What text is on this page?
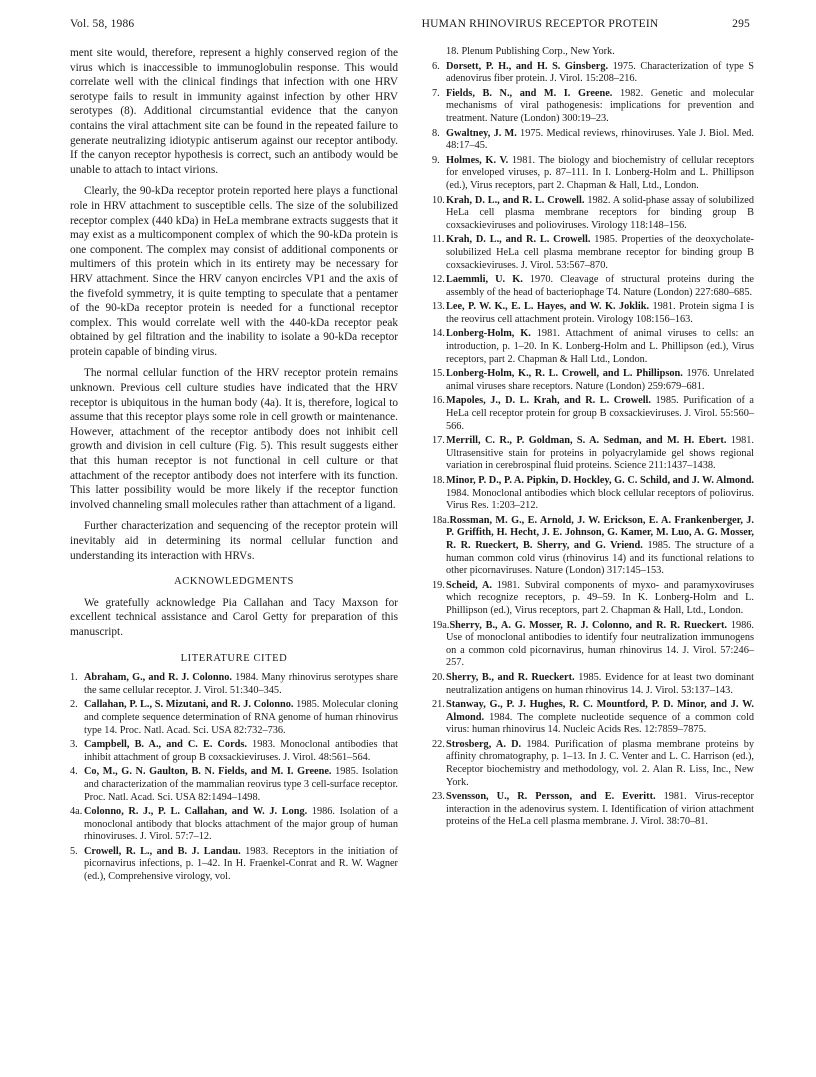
Vol. 58, 1986	HUMAN RHINOVIRUS RECEPTOR PROTEIN	295

ment site would, therefore, represent a highly conserved region of the virus which is inaccessible to immunoglobulin response. This would correlate well with the clinical findings that infection with one HRV serotype fails to result in immunity against infection by other HRV serotypes (8). Additional circumstantial evidence that the canyon contains the viral attachment site can be found in the repeated failure to generate neutralizing idiotypic antiserum against our receptor antibody. If the canyon receptor hypothesis is correct, such an antibody would be unable to attach to intact virions.

Clearly, the 90-kDa receptor protein reported here plays a functional role in HRV attachment to susceptible cells. The size of the solubilized receptor complex (440 kDa) in HeLa membrane extracts suggests that it may exist as a multicomponent complex of which the 90-kDa protein is one component. The complex may consist of additional components or multimers of this protein which in its entirety may be necessary for HRV attachment. Since the HRV canyon encircles VP1 and the axis of the fivefold symmetry, it is quite tempting to speculate that a pentamer of the 90-kDa receptor protein is needed for a functional receptor complex. This would correlate well with the 440-kDa receptor peak obtained by gel filtration and the inability to isolate a 90-kDa receptor protein capable of binding virus.

The normal cellular function of the HRV receptor protein remains unknown. Previous cell culture studies have indicated that the HRV receptor is ubiquitous in the human body (4a). It is, therefore, logical to assume that this receptor plays some role in cell growth or maintenance. However, attachment of the receptor antibody does not inhibit cell growth and division in cell culture (Fig. 5). This result suggests either that this human receptor is not functional in cell culture or that attachment of the receptor antibody does not interfere with its function. This latter possibility would be more likely if the receptor function involved channeling small molecules rather than attachment of a ligand.

Further characterization and sequencing of the receptor protein will inevitably aid in determining its normal cellular function and understanding its interaction with HRVs.

ACKNOWLEDGMENTS

We gratefully acknowledge Pia Callahan and Tacy Maxson for excellent technical assistance and Carol Getty for preparation of this manuscript.

LITERATURE CITED
1. Abraham, G., and R. J. Colonno. 1984. Many rhinovirus serotypes share the same cellular receptor. J. Virol. 51:340–345.
2. Callahan, P. L., S. Mizutani, and R. J. Colonno. 1985. Molecular cloning and complete sequence determination of RNA genome of human rhinovirus type 14. Proc. Natl. Acad. Sci. USA 82:732–736.
3. Campbell, B. A., and C. E. Cords. 1983. Monoclonal antibodies that inhibit attachment of group B coxsackieviruses. J. Virol. 48:561–564.
4. Co, M., G. N. Gaulton, B. N. Fields, and M. I. Greene. 1985. Isolation and characterization of the mammalian reovirus type 3 cell-surface receptor. Proc. Natl. Acad. Sci. USA 82:1494–1498.
4a. Colonno, R. J., P. L. Callahan, and W. J. Long. 1986. Isolation of a monoclonal antibody that blocks attachment of the major group of human rhinoviruses. J. Virol. 57:7–12.
5. Crowell, R. L., and B. J. Landau. 1983. Receptors in the initiation of picornavirus infections, p. 1–42. In H. Fraenkel-Conrat and R. W. Wagner (ed.), Comprehensive virology, vol.
18. Plenum Publishing Corp., New York.
6. Dorsett, P. H., and H. S. Ginsberg. 1975. Characterization of type S adenovirus fiber protein. J. Virol. 15:208–216.
7. Fields, B. N., and M. I. Greene. 1982. Genetic and molecular mechanisms of viral pathogenesis: implications for prevention and treatment. Nature (London) 300:19–23.
8. Gwaltney, J. M. 1975. Medical reviews, rhinoviruses. Yale J. Biol. Med. 48:17–45.
9. Holmes, K. V. 1981. The biology and biochemistry of cellular receptors for enveloped viruses, p. 87–111. In I. Lonberg-Holm and L. Phillipson (ed.), Virus receptors, part 2. Chapman & Hall, Ltd., London.
10.Krah, D. L., and R. L. Crowell. 1982. A solid-phase assay of solubilized HeLa cell plasma membrane receptors for binding group B coxsackieviruses and polioviruses. Virology 118:148–156.
11. Krah, D. L., and R. L. Crowell. 1985. Properties of the deoxycholate-solubilized HeLa cell plasma membrane receptor for binding group B coxsackieviruses. J. Virol. 53:567–870.
12.Laemmli, U. K. 1970. Cleavage of structural proteins during the assembly of the head of bacteriophage T4. Nature (London) 227:680–685.
13.Lee, P. W. K., E. L. Hayes, and W. K. Joklik. 1981. Protein sigma I is the reovirus cell attachment protein. Virology 108:156–163.
14.Lonberg-Holm, K. 1981. Attachment of animal viruses to cells: an introduction, p. 1–20. In K. Lonberg-Holm and L. Phillipson (ed.), Virus receptors, part 2. Chapman & Hall Ltd., London.
15.Lonberg-Holm, K., R. L. Crowell, and L. Phillipson. 1976. Unrelated animal viruses share receptors. Nature (London) 259:679–681.
16.Mapoles, J., D. L. Krah, and R. L. Crowell. 1985. Purification of a HeLa cell receptor protein for group B coxsackieviruses. J. Virol. 55:560–566.
17.Merrill, C. R., P. Goldman, S. A. Sedman, and M. H. Ebert. 1981. Ultrasensitive stain for proteins in polyacrylamide gel shows regional variation in cerebrospinal fluid proteins. Science 211:1437–1438.
18.Minor, P. D., P. A. Pipkin, D. Hockley, G. C. Schild, and J. W. Almond. 1984. Monoclonal antibodies which block cellular receptors of poliovirus. Virus Res. 1:203–212.
18a.Rossman, M. G., E. Arnold, J. W. Erickson, E. A. Frankenberger, J. P. Griffith, H. Hecht, J. E. Johnson, G. Kamer, M. Luo, A. G. Mosser, R. R. Rueckert, B. Sherry, and G. Vriend. 1985. The structure of a human common cold virus (rhinovirus 14) and its functional relations to other picornaviruses. Nature (London) 317:145–153.
19.Scheid, A. 1981. Subviral components of myxo- and paramyxoviruses which recognize receptors, p. 49–59. In K. Lonberg-Holm and L. Phillipson (ed.), Virus receptors, part 2. Chapman & Hall, Ltd., London.
19a.Sherry, B., A. G. Mosser, R. J. Colonno, and R. R. Rueckert. 1986. Use of monoclonal antibodies to identify four neutralization immunogens on a common cold picornavirus, human rhinovirus 14. J. Virol. 57:246–257.
20.Sherry, B., and R. Rueckert. 1985. Evidence for at least two dominant neutralization antigens on human rhinovirus 14. J. Virol. 53:137–143.
21.Stanway, G., P. J. Hughes, R. C. Mountford, P. D. Minor, and J. W. Almond. 1984. The complete nucleotide sequence of a common cold virus: human rhinovirus 14. Nucleic Acids Res. 12:7859–7875.
22.Strosberg, A. D. 1984. Purification of plasma membrane proteins by affinity chromatography, p. 1–13. In J. C. Venter and L. C. Harrison (ed.), Receptor biochemistry and methodology, vol. 2. Alan R. Liss, Inc., New York.
23.Svensson, U., R. Persson, and E. Everitt. 1981. Virus-receptor interaction in the adenovirus system. I. Identification of virion attachment proteins of the HeLa cell plasma membrane. J. Virol. 38:70–81.
